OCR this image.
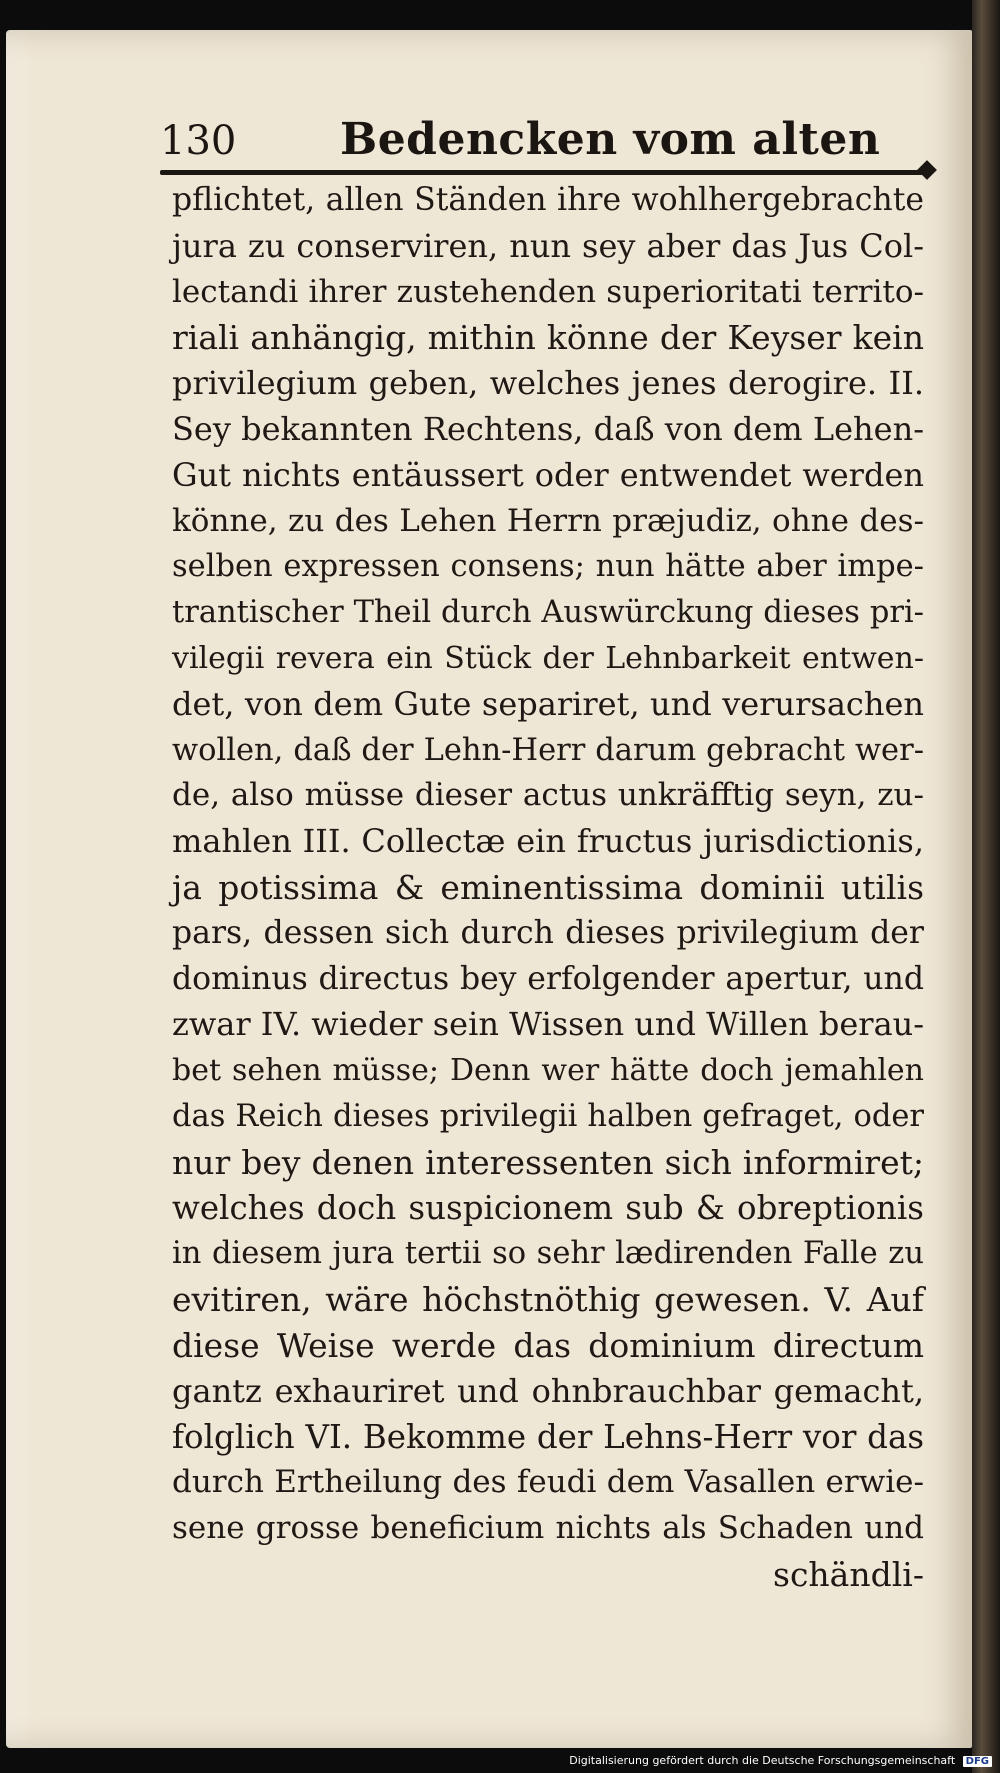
130 Bedencken vom alten
pflichtet, allen Ständen ihre wohlhergebrachte
jura zu conserviren, nun sey aber das Jus Col-
lectandi ihrer zustehenden superioritati territo-
riali anhängig, mithin könne der Keyser kein
privilegium geben, welches jenes derogire. II.
Sey bekannten Rechtens, daß von dem Lehen-
Gut nichts entäussert oder entwendet werden
könne, zu des Lehen Herrn præjudiz, ohne des-
selben expressen consens; nun hätte aber impe-
trantischer Theil durch Auswürckung dieses pri-
vilegii revera ein Stück der Lehnbarkeit entwen-
det, von dem Gute separiret, und verursachen
wollen, daß der Lehn-Herr darum gebracht wer-
de, also müsse dieser actus unkräfftig seyn, zu-
mahlen III. Collectæ ein fructus jurisdictionis,
ja potissima & eminentissima dominii utilis
pars, dessen sich durch dieses privilegium der
dominus directus bey erfolgender apertur, und
zwar IV. wieder sein Wissen und Willen berau-
bet sehen müsse; Denn wer hätte doch jemahlen
das Reich dieses privilegii halben gefraget, oder
nur bey denen interessenten sich informiret;
welches doch suspicionem sub & obreptionis
in diesem jura tertii so sehr lædirenden Falle zu
evitiren, wäre höchstnöthig gewesen. V. Auf
diese Weise werde das dominium directum
gantz exhauriret und ohnbrauchbar gemacht,
folglich VI. Bekomme der Lehns-Herr vor das
durch Ertheilung des feudi dem Vasallen erwie-
sene grosse beneficium nichts als Schaden und
schändli-
Digitalisierung gefördert durch die Deutsche Forschungsgemeinschaft DFG
